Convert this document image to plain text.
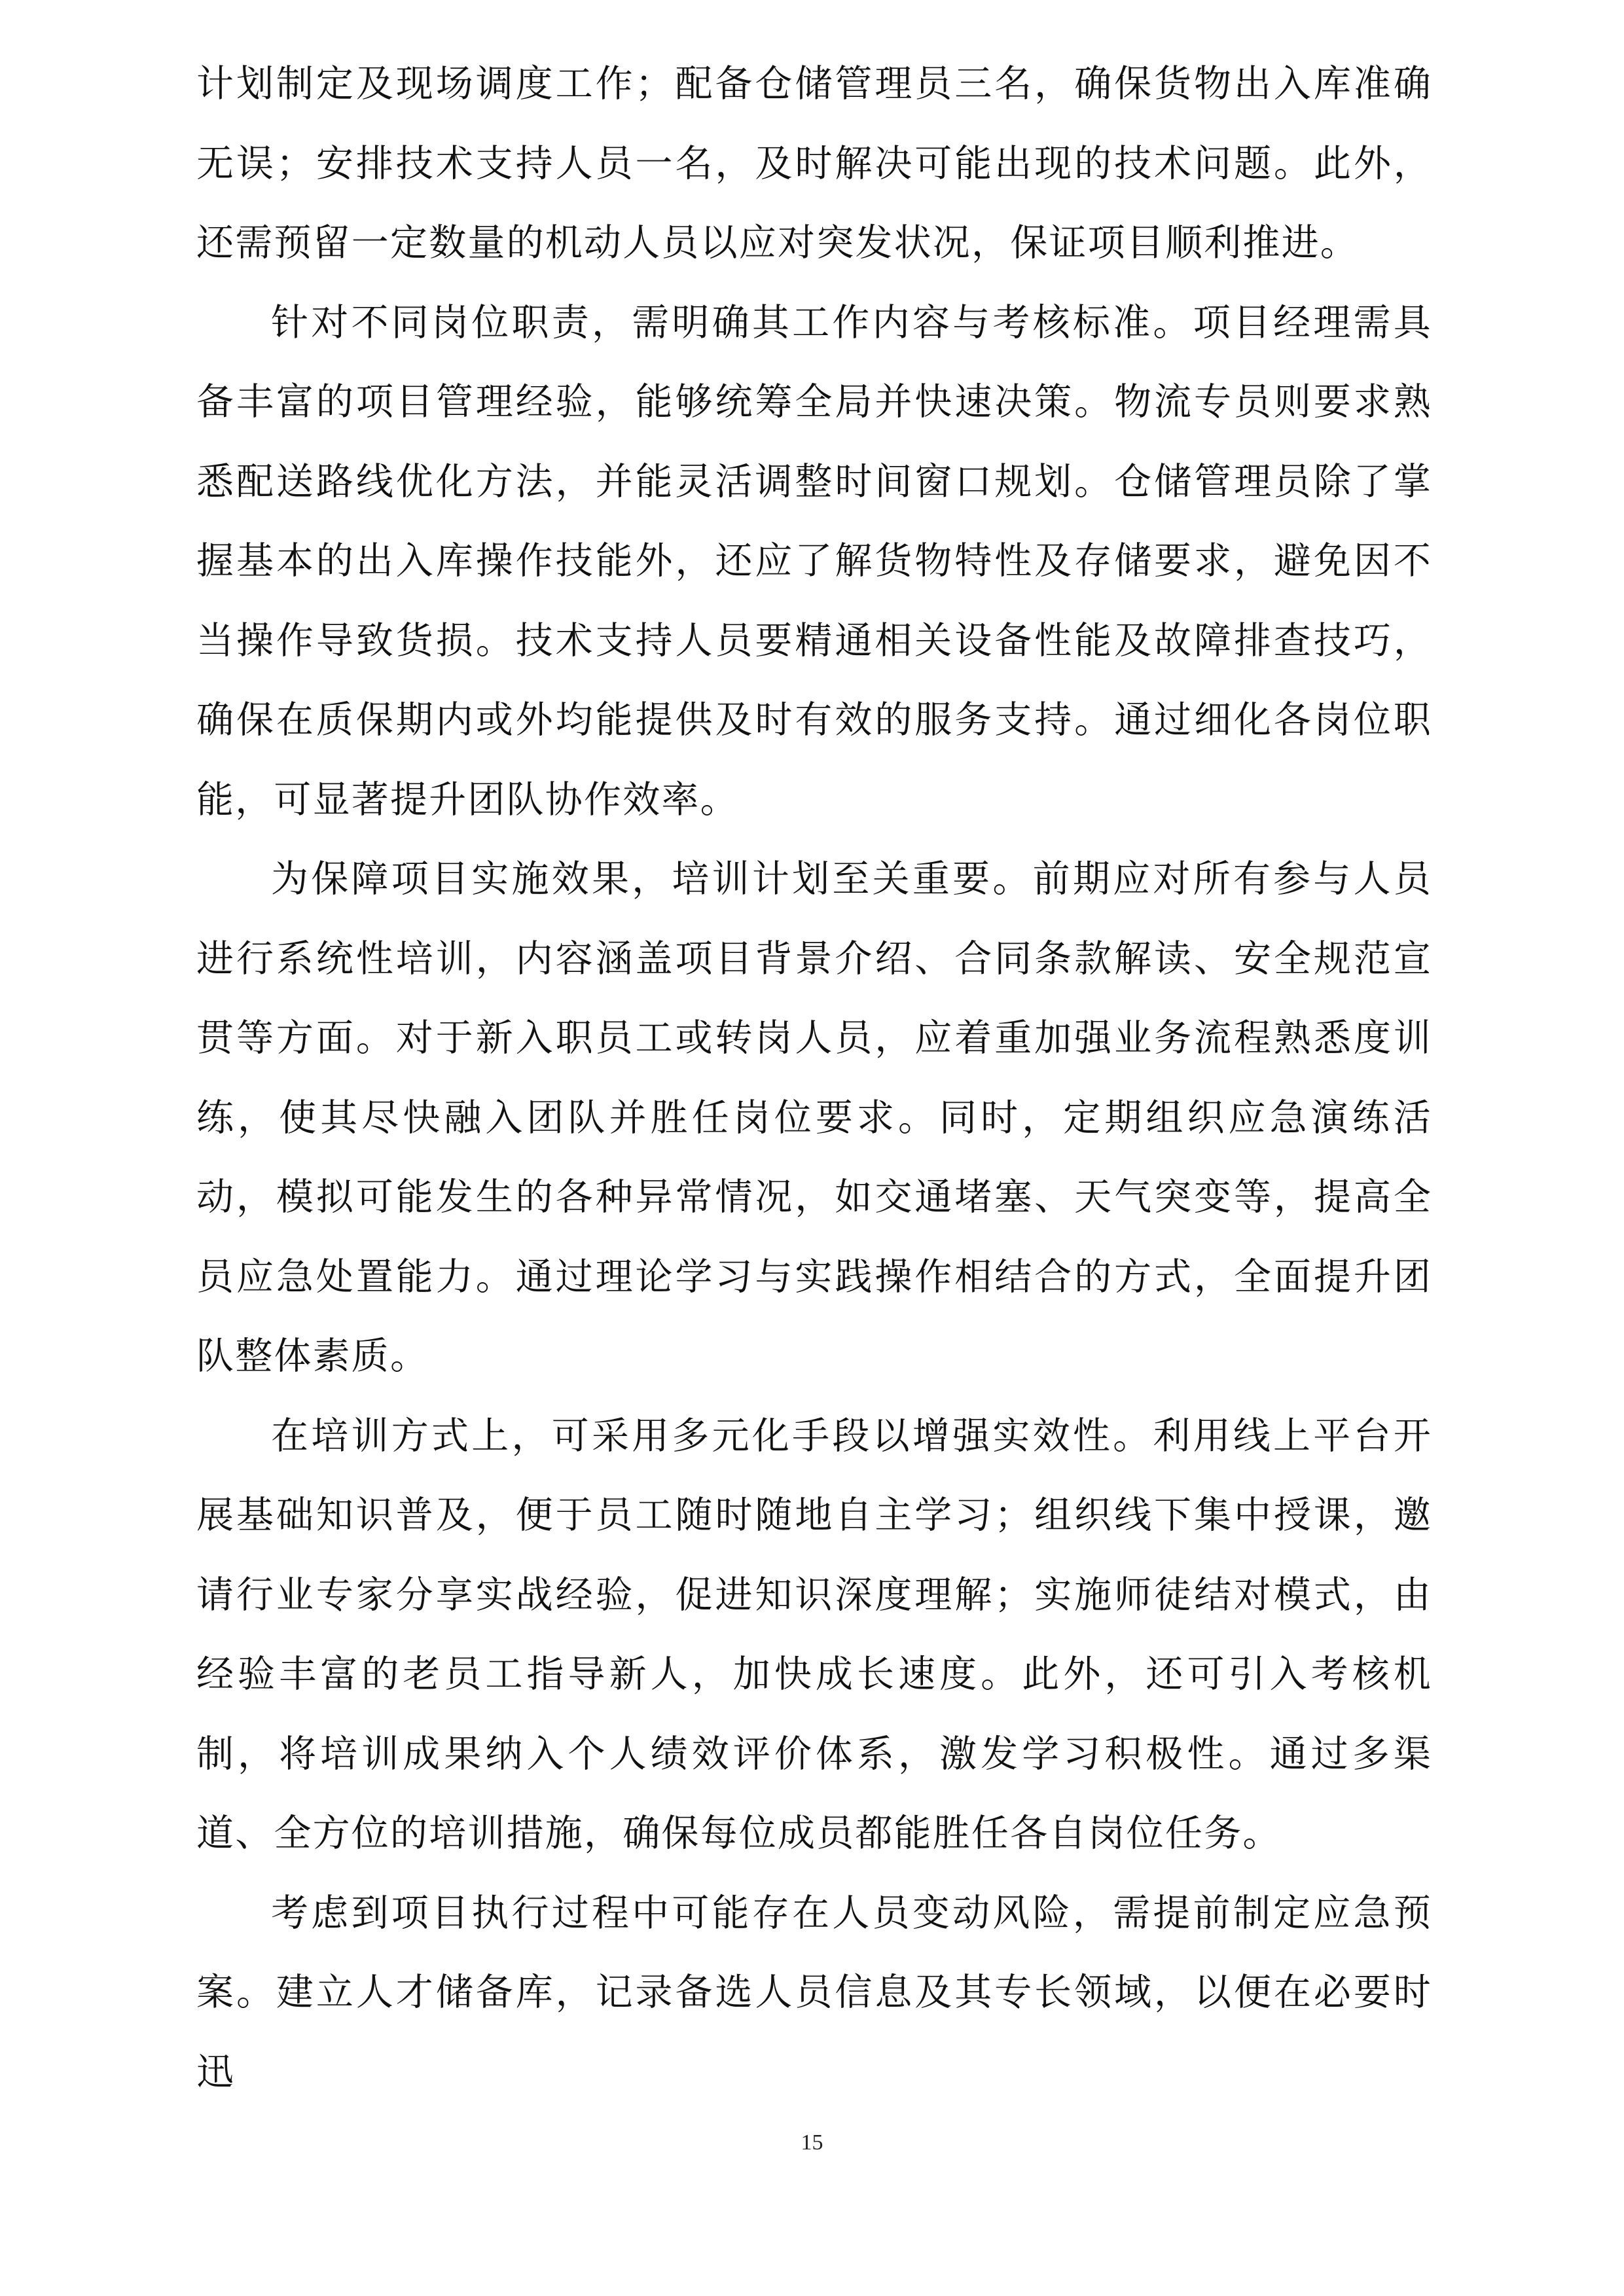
计划制定及现场调度工作；配备仓储管理员三名，确保货物出入库准确无误；安排技术支持人员一名，及时解决可能出现的技术问题。此外，还需预留一定数量的机动人员以应对突发状况，保证项目顺利推进。

针对不同岗位职责，需明确其工作内容与考核标准。项目经理需具备丰富的项目管理经验，能够统筹全局并快速决策。物流专员则要求熟悉配送路线优化方法，并能灵活调整时间窗口规划。仓储管理员除了掌握基本的出入库操作技能外，还应了解货物特性及存储要求，避免因不当操作导致货损。技术支持人员要精通相关设备性能及故障排查技巧，确保在质保期内或外均能提供及时有效的服务支持。通过细化各岗位职能，可显著提升团队协作效率。

为保障项目实施效果，培训计划至关重要。前期应对所有参与人员进行系统性培训，内容涵盖项目背景介绍、合同条款解读、安全规范宣贯等方面。对于新入职员工或转岗人员，应着重加强业务流程熟悉度训练，使其尽快融入团队并胜任岗位要求。同时，定期组织应急演练活动，模拟可能发生的各种异常情况，如交通堵塞、天气突变等，提高全员应急处置能力。通过理论学习与实践操作相结合的方式，全面提升团队整体素质。

在培训方式上，可采用多元化手段以增强实效性。利用线上平台开展基础知识普及，便于员工随时随地自主学习；组织线下集中授课，邀请行业专家分享实战经验，促进知识深度理解；实施师徒结对模式，由经验丰富的老员工指导新人，加快成长速度。此外，还可引入考核机制，将培训成果纳入个人绩效评价体系，激发学习积极性。通过多渠道、全方位的培训措施，确保每位成员都能胜任各自岗位任务。

考虑到项目执行过程中可能存在人员变动风险，需提前制定应急预案。建立人才储备库，记录备选人员信息及其专长领域，以便在必要时迅

15
